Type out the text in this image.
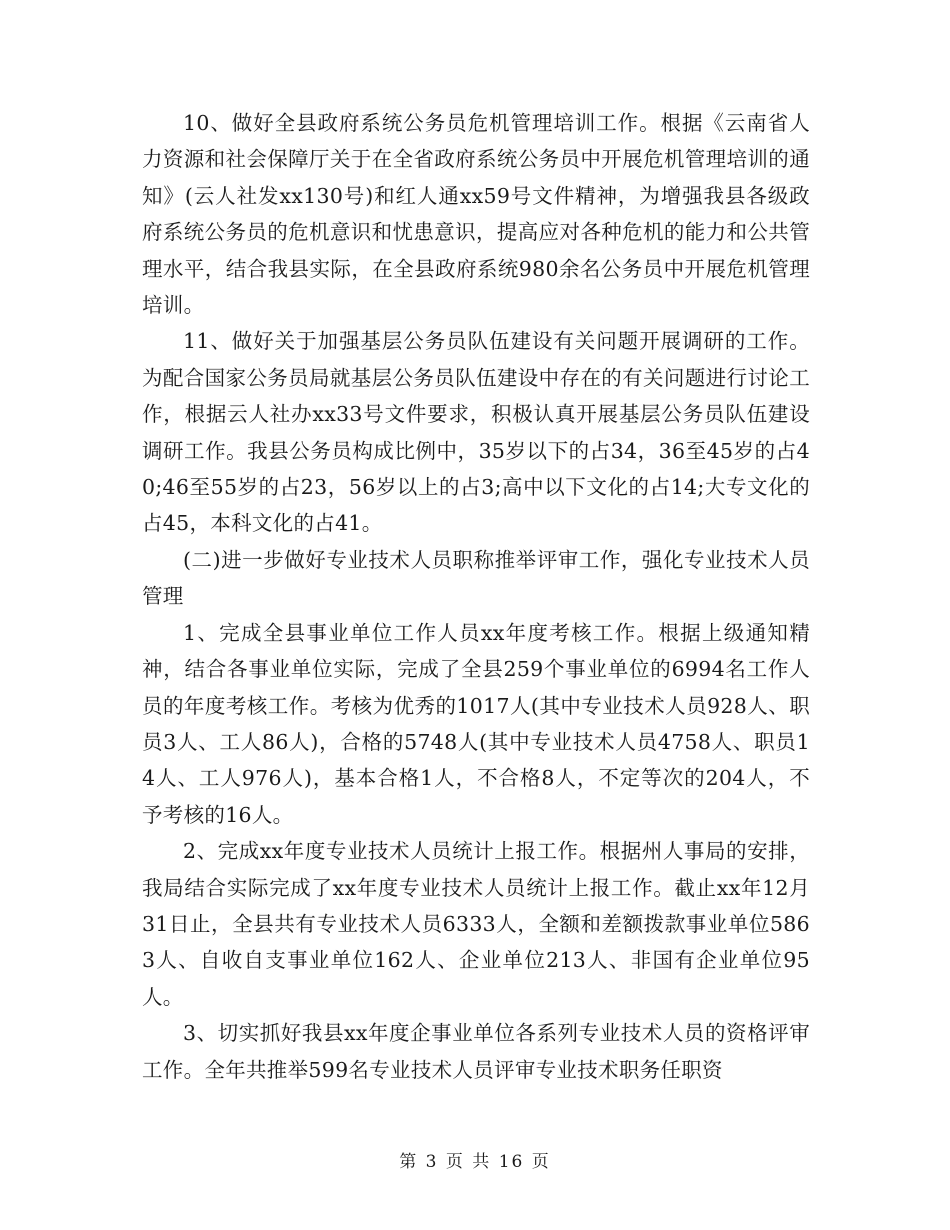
10、做好全县政府系统公务员危机管理培训工作。根据《云南省人力资源和社会保障厅关于在全省政府系统公务员中开展危机管理培训的通知》(云人社发xx130号)和红人通xx59号文件精神，为增强我县各级政府系统公务员的危机意识和忧患意识，提高应对各种危机的能力和公共管理水平，结合我县实际，在全县政府系统980余名公务员中开展危机管理培训。

11、做好关于加强基层公务员队伍建设有关问题开展调研的工作。为配合国家公务员局就基层公务员队伍建设中存在的有关问题进行讨论工作，根据云人社办xx33号文件要求，积极认真开展基层公务员队伍建设调研工作。我县公务员构成比例中，35岁以下的占34，36至45岁的占40;46至55岁的占23，56岁以上的占3;高中以下文化的占14;大专文化的占45，本科文化的占41。

(二)进一步做好专业技术人员职称推举评审工作，强化专业技术人员管理

1、完成全县事业单位工作人员xx年度考核工作。根据上级通知精神，结合各事业单位实际，完成了全县259个事业单位的6994名工作人员的年度考核工作。考核为优秀的1017人(其中专业技术人员928人、职员3人、工人86人)，合格的5748人(其中专业技术人员4758人、职员14人、工人976人)，基本合格1人，不合格8人，不定等次的204人，不予考核的16人。

2、完成xx年度专业技术人员统计上报工作。根据州人事局的安排，我局结合实际完成了xx年度专业技术人员统计上报工作。截止xx年12月31日止，全县共有专业技术人员6333人，全额和差额拨款事业单位5863人、自收自支事业单位162人、企业单位213人、非国有企业单位95人。

3、切实抓好我县xx年度企事业单位各系列专业技术人员的资格评审工作。全年共推举599名专业技术人员评审专业技术职务任职资

第 3 页 共 16 页
